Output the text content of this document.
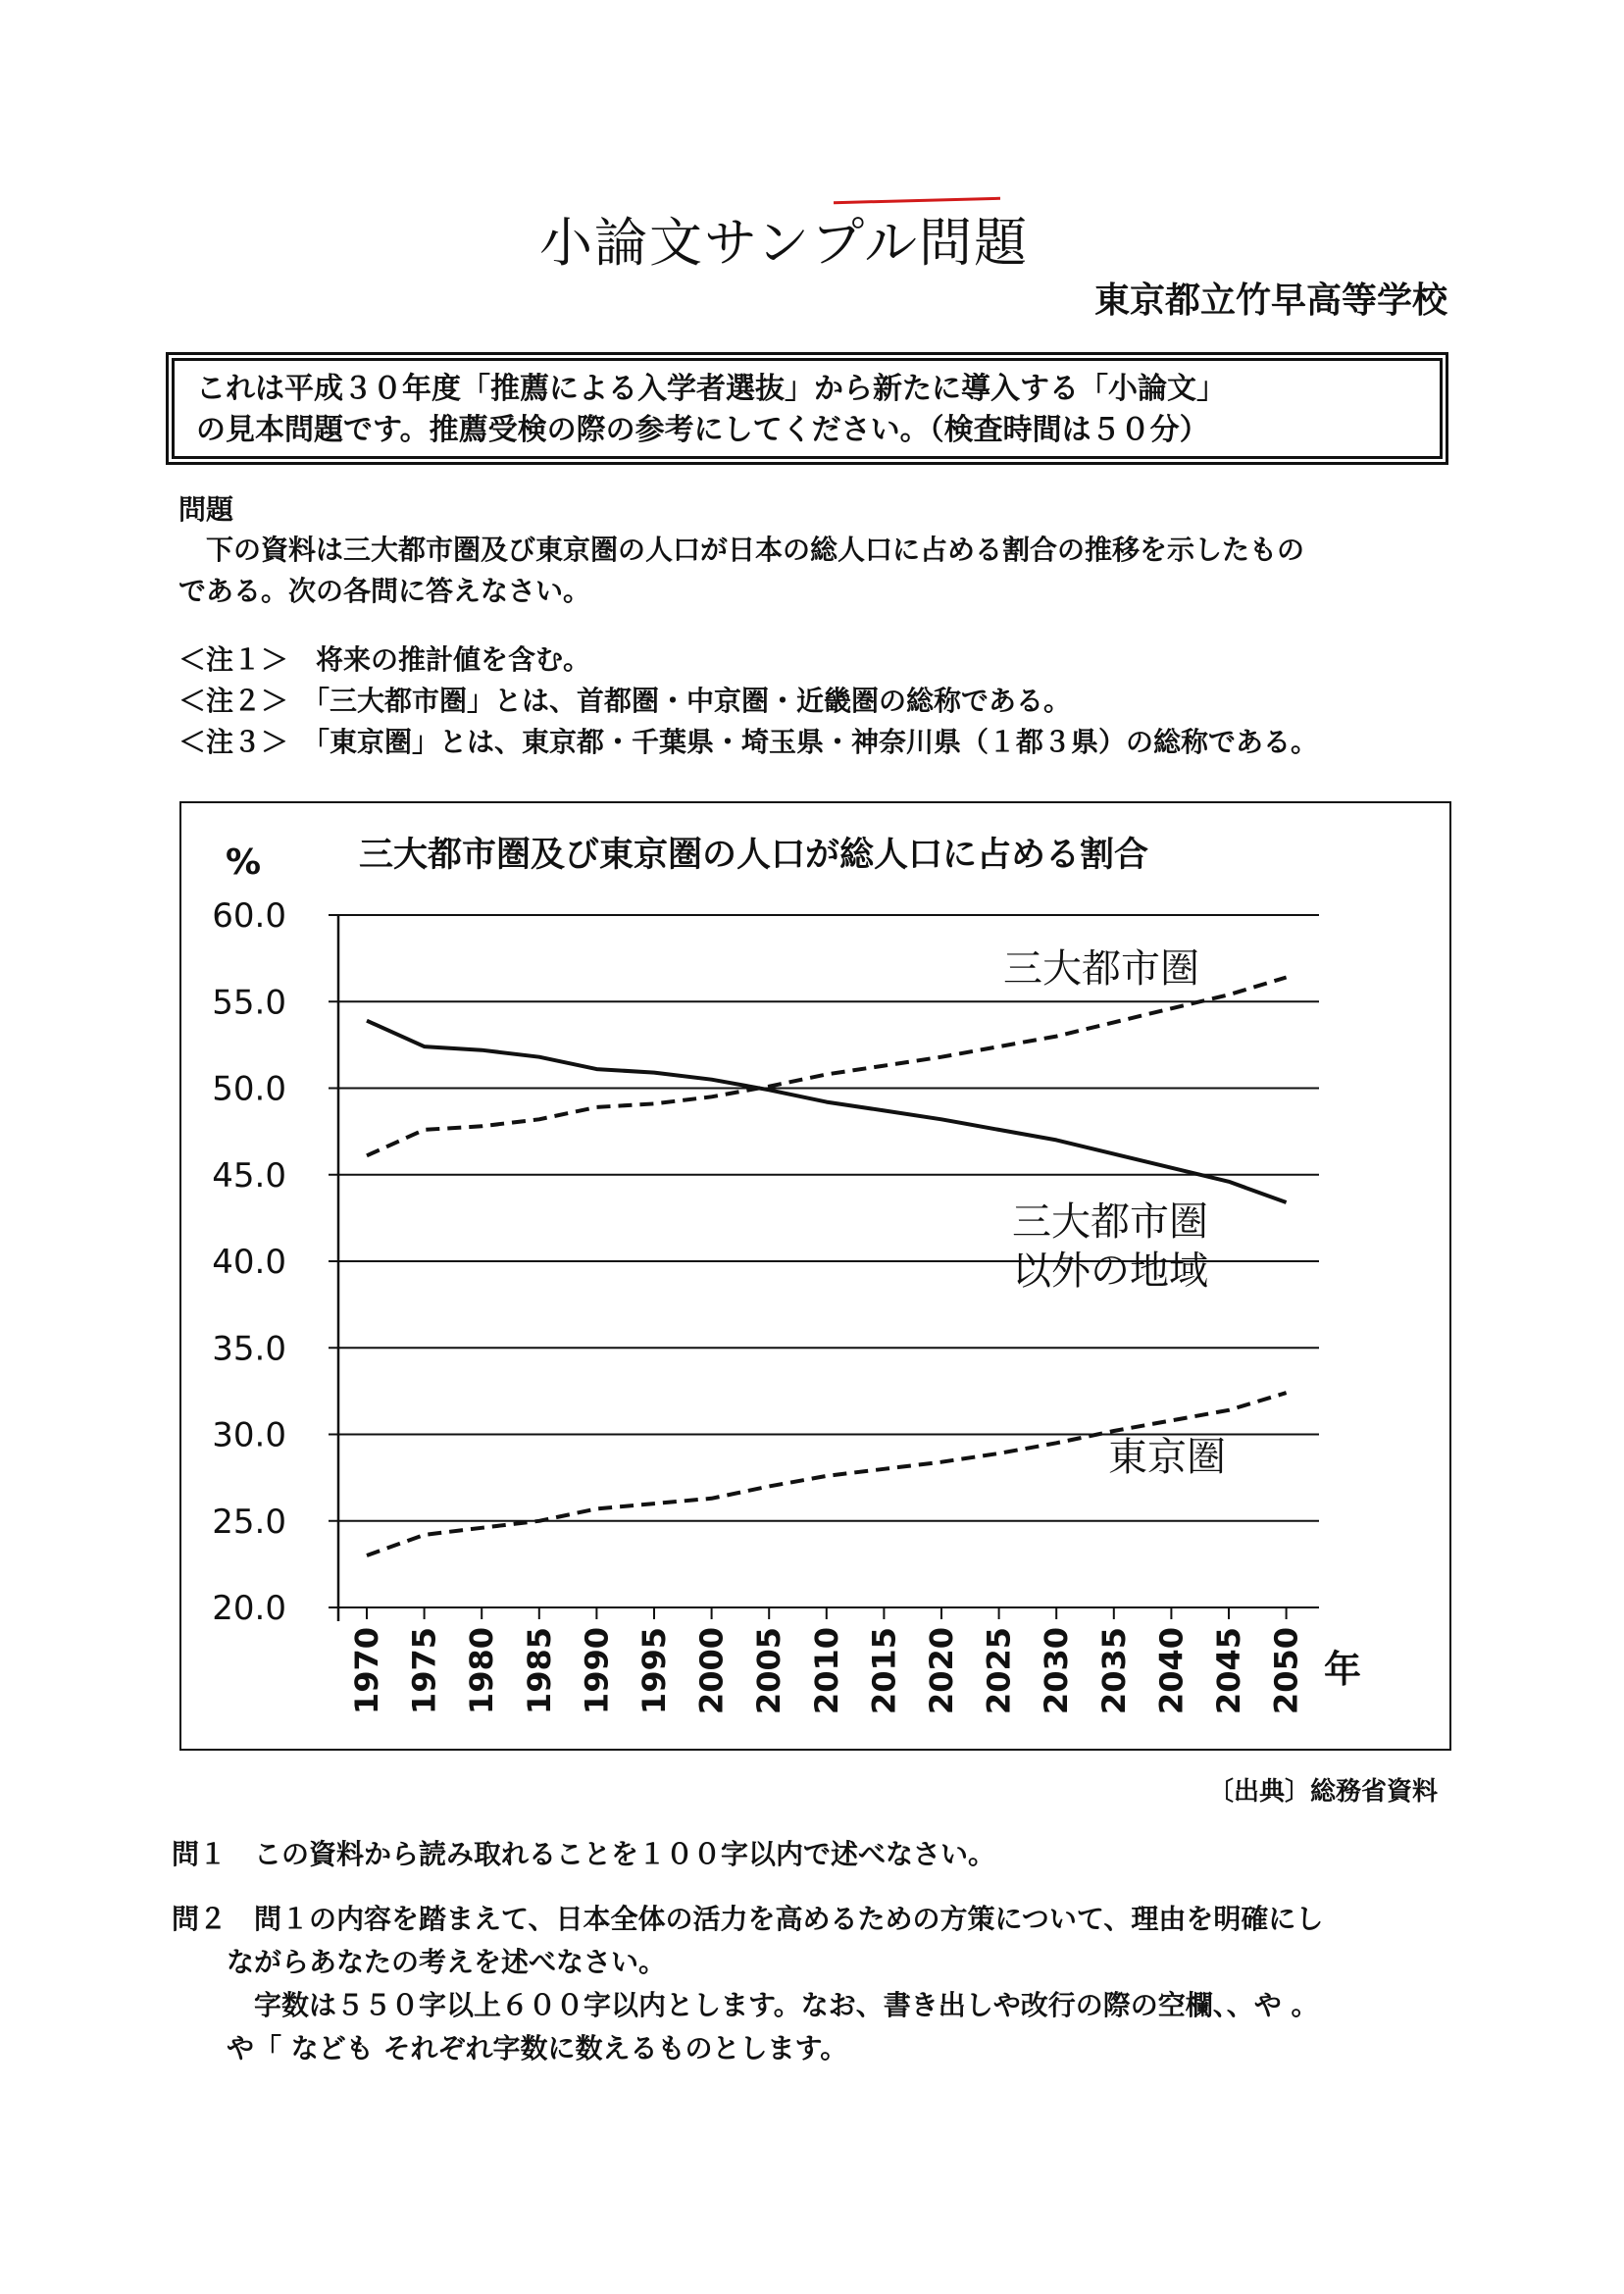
小論文サンプル問題
東京都立竹早高等学校
これは平成３０年度「推薦による入学者選抜」から新たに導入する「小論文」
の見本問題です。推薦受検の際の参考にしてください。（検査時間は５０分）
問題
　下の資料は三大都市圏及び東京圏の人口が日本の総人口に占める割合の推移を示したもの
である。次の各問に答えなさい。
＜注１＞　将来の推計値を含む。
＜注２＞　「三大都市圏」とは、首都圏・中京圏・近畿圏の総称である。
＜注３＞　「東京圏」とは、東京都・千葉県・埼玉県・神奈川県（１都３県）の総称である。
20.0
25.0
30.0
35.0
40.0
45.0
50.0
55.0
60.0
1970 1975 1980 1985 1990 1995 2000 2005 2010 2015 2020 2025 2030 2035 2040 2045 2050
三大都市圏及び東京圏の人口が総人口に占める割合
%
年
三大都市圏
三大都市圏
以外の地域
東京圏
〔出典〕総務省資料
問１　この資料から読み取れることを１００字以内で述べなさい。
問２　問１の内容を踏まえて、日本全体の活力を高めるための方策について、理由を明確にし
　　ながらあなたの考えを述べなさい。
　　　字数は５５０字以上６００字以内とします。なお、書き出しや改行の際の空欄、、や 。
　　や「 なども それぞれ字数に数えるものとします。
